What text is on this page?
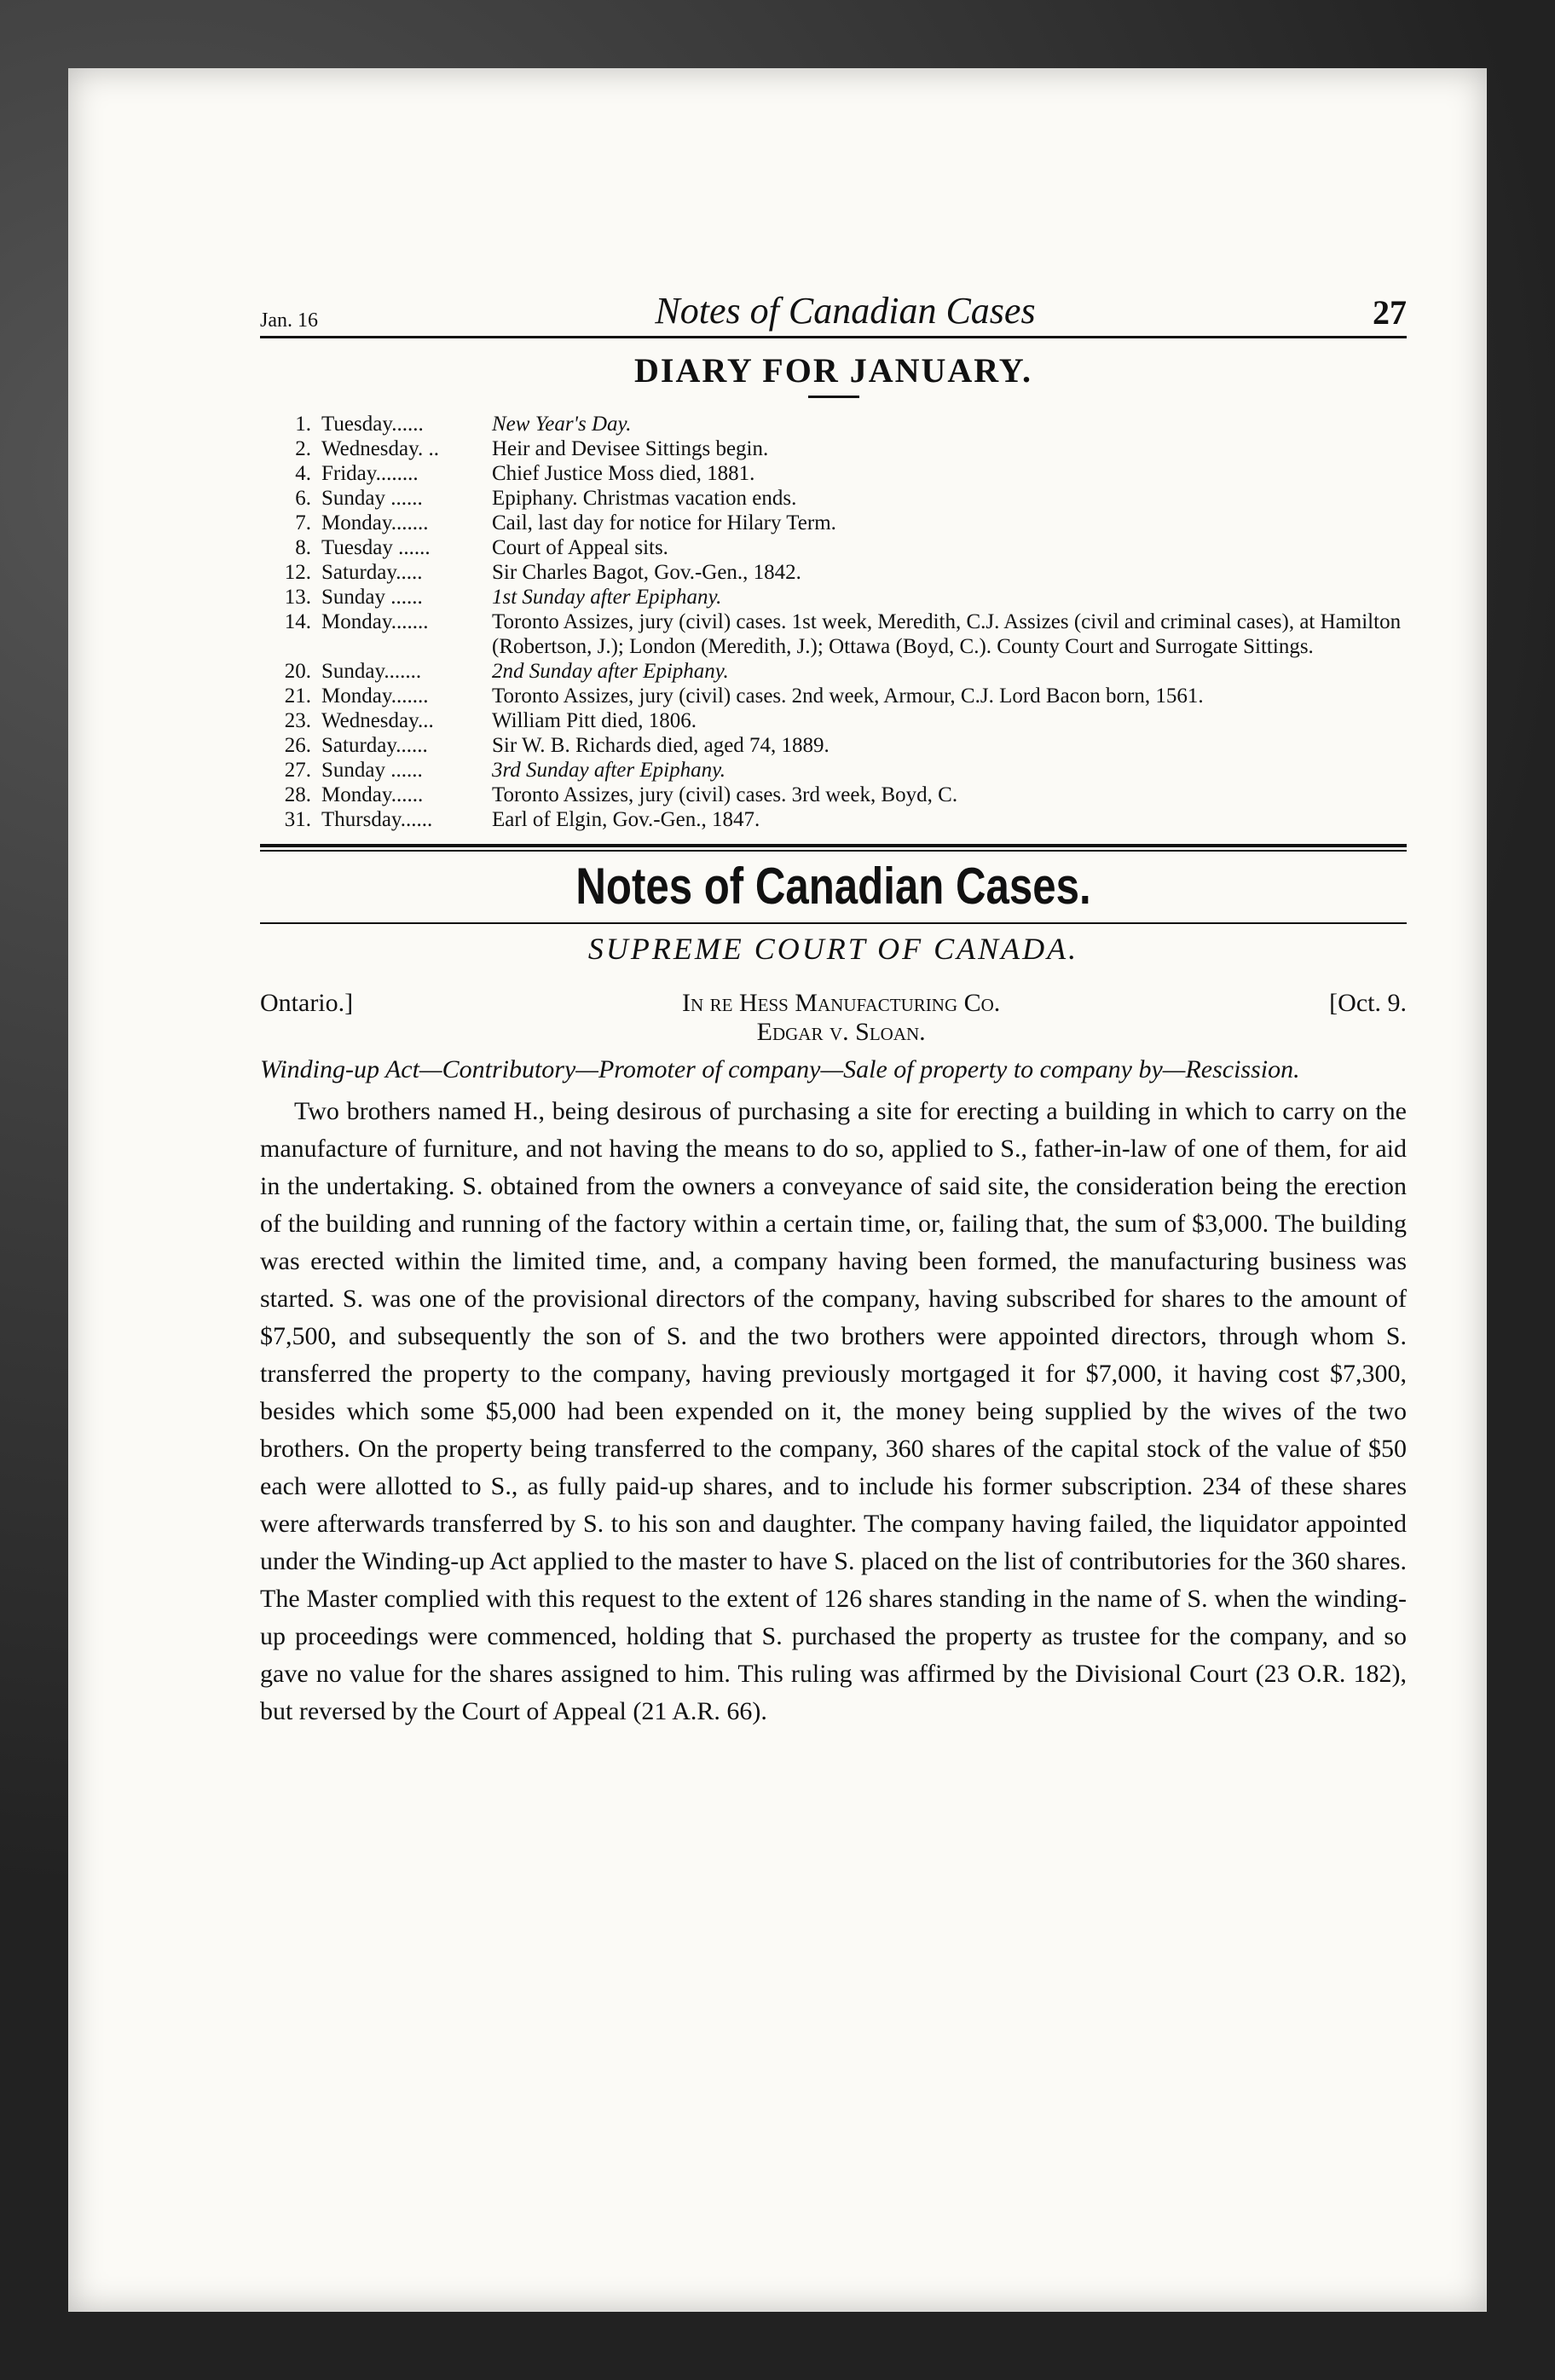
Jan. 16	Notes of Canadian Cases	27
DIARY FOR JANUARY.
1. Tuesday......	New Year's Day.
2. Wednesday. ..	Heir and Devisee Sittings begin.
4. Friday........	Chief Justice Moss died, 1881.
6. Sunday ......	Epiphany. Christmas vacation ends.
7. Monday.......	Cail, last day for notice for Hilary Term.
8. Tuesday ......	Court of Appeal sits.
12. Saturday.....	Sir Charles Bagot, Gov.-Gen., 1842.
13. Sunday ......	1st Sunday after Epiphany.
14. Monday.......	Toronto Assizes, jury (civil) cases. 1st week, Meredith, C.J. Assizes (civil and criminal cases), at Hamilton (Robertson, J.); London (Meredith, J.); Ottawa (Boyd, C.). County Court and Surrogate Sittings.
20. Sunday.......	2nd Sunday after Epiphany.
21. Monday.......	Toronto Assizes, jury (civil) cases. 2nd week, Armour, C.J. Lord Bacon born, 1561.
23. Wednesday...	William Pitt died, 1806.
26. Saturday......	Sir W. B. Richards died, aged 74, 1889.
27. Sunday ......	3rd Sunday after Epiphany.
28. Monday......	Toronto Assizes, jury (civil) cases. 3rd week, Boyd, C.
31. Thursday......	Earl of Elgin, Gov.-Gen., 1847.
Notes of Canadian Cases.
SUPREME COURT OF CANADA.
Ontario.]	In re Hess Manufacturing Co.
Edgar v. Sloan.
[Oct. 9.
Winding-up Act—Contributory—Promoter of company—Sale of property to company by—Rescission.
Two brothers named H., being desirous of purchasing a site for erecting a building in which to carry on the manufacture of furniture, and not having the means to do so, applied to S., father-in-law of one of them, for aid in the undertaking. S. obtained from the owners a conveyance of said site, the consideration being the erection of the building and running of the factory within a certain time, or, failing that, the sum of $3,000. The building was erected within the limited time, and, a company having been formed, the manufacturing business was started. S. was one of the provisional directors of the company, having subscribed for shares to the amount of $7,500, and subsequently the son of S. and the two brothers were appointed directors, through whom S. transferred the property to the company, having previously mortgaged it for $7,000, it having cost $7,300, besides which some $5,000 had been expended on it, the money being supplied by the wives of the two brothers. On the property being transferred to the company, 360 shares of the capital stock of the value of $50 each were allotted to S., as fully paid-up shares, and to include his former subscription. 234 of these shares were afterwards transferred by S. to his son and daughter. The company having failed, the liquidator appointed under the Winding-up Act applied to the master to have S. placed on the list of contributories for the 360 shares. The Master complied with this request to the extent of 126 shares standing in the name of S. when the winding-up proceedings were commenced, holding that S. purchased the property as trustee for the company, and so gave no value for the shares assigned to him. This ruling was affirmed by the Divisional Court (23 O.R. 182), but reversed by the Court of Appeal (21 A.R. 66).
